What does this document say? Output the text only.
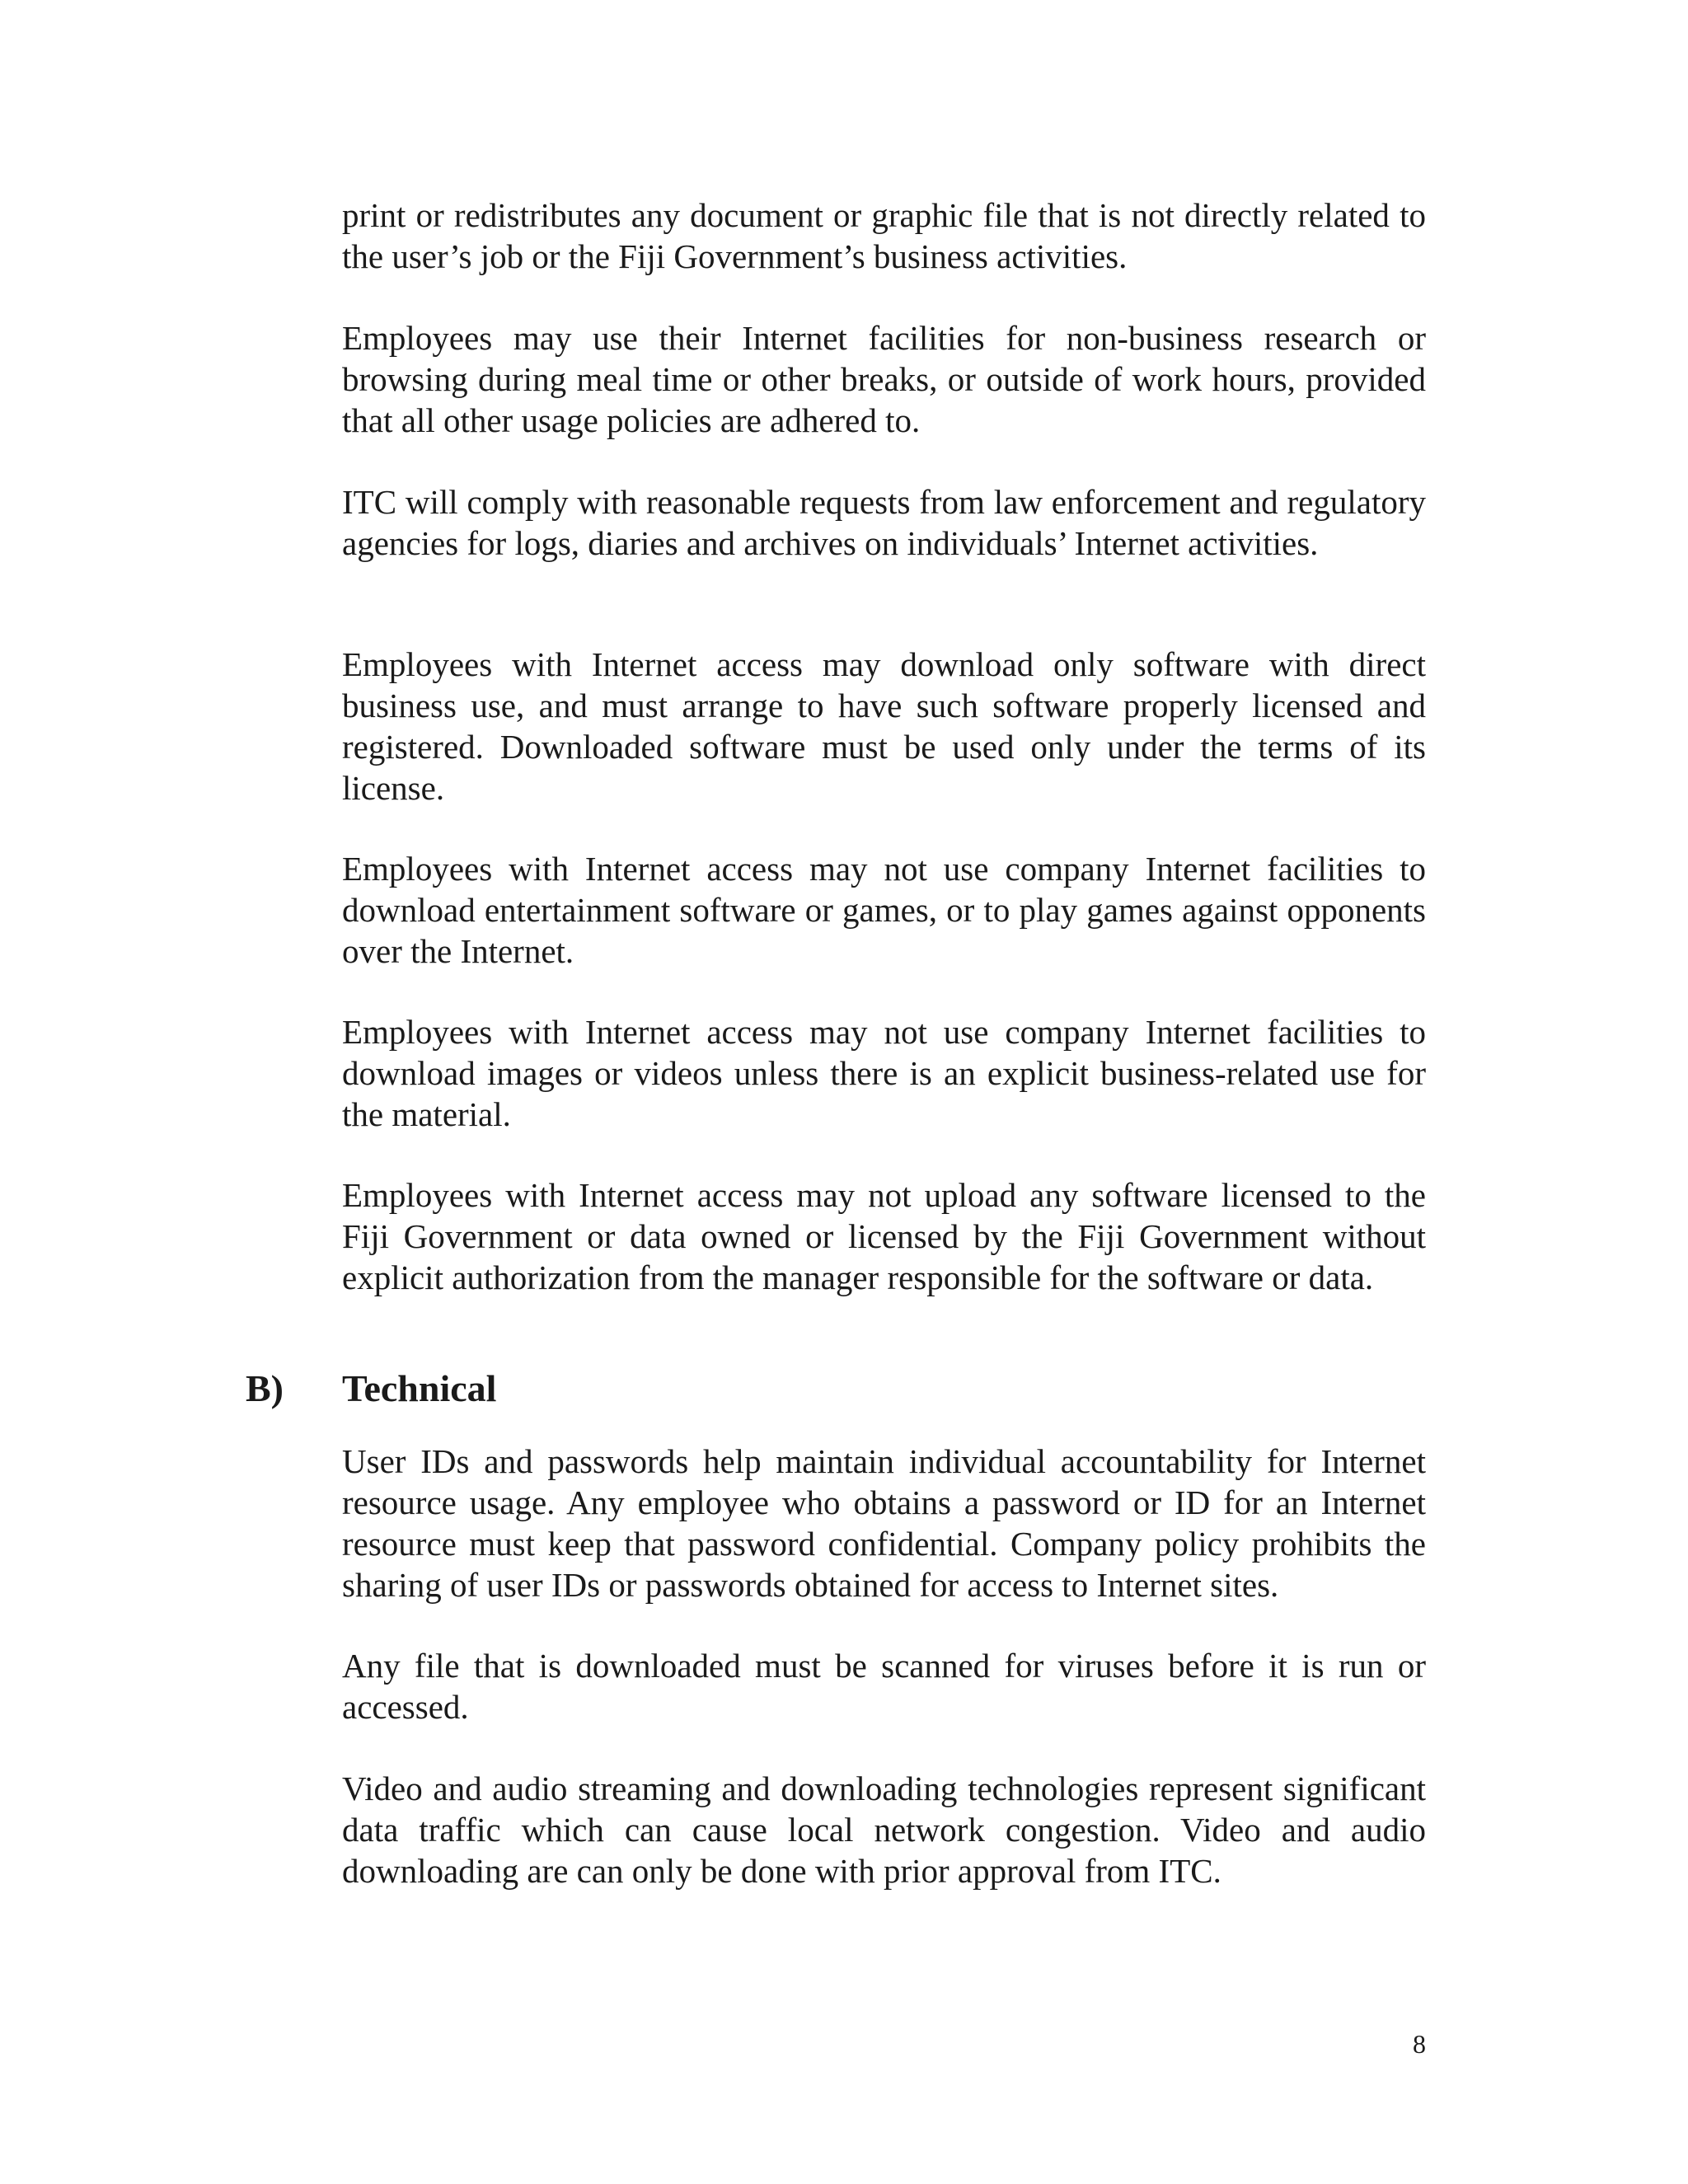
print or redistributes any document or graphic file that is not directly related to the user’s job or the Fiji Government’s business activities.

Employees may use their Internet facilities for non-business research or browsing during meal time or other breaks, or outside of work hours, provided that all other usage policies are adhered to.

ITC will comply with reasonable requests from law enforcement and regulatory agencies for logs, diaries and archives on individuals’ Internet activities.

Employees with Internet access may download only software with direct business use, and must arrange to have such software properly licensed and registered. Downloaded software must be used only under the terms of its license.

Employees with Internet access may not use company Internet facilities to download entertainment software or games, or to play games against opponents over the Internet.

Employees with Internet access may not use company Internet facilities to download images or videos unless there is an explicit business-related use for the material.

Employees with Internet access may not upload any software licensed to the Fiji Government or data owned or licensed by the Fiji Government without explicit authorization from the manager responsible for the software or data.

B) Technical

User IDs and passwords help maintain individual accountability for Internet resource usage. Any employee who obtains a password or ID for an Internet resource must keep that password confidential. Company policy prohibits the sharing of user IDs or passwords obtained for access to Internet sites.

Any file that is downloaded must be scanned for viruses before it is run or accessed.

Video and audio streaming and downloading technologies represent significant data traffic which can cause local network congestion. Video and audio downloading are can only be done with prior approval from ITC.

8
